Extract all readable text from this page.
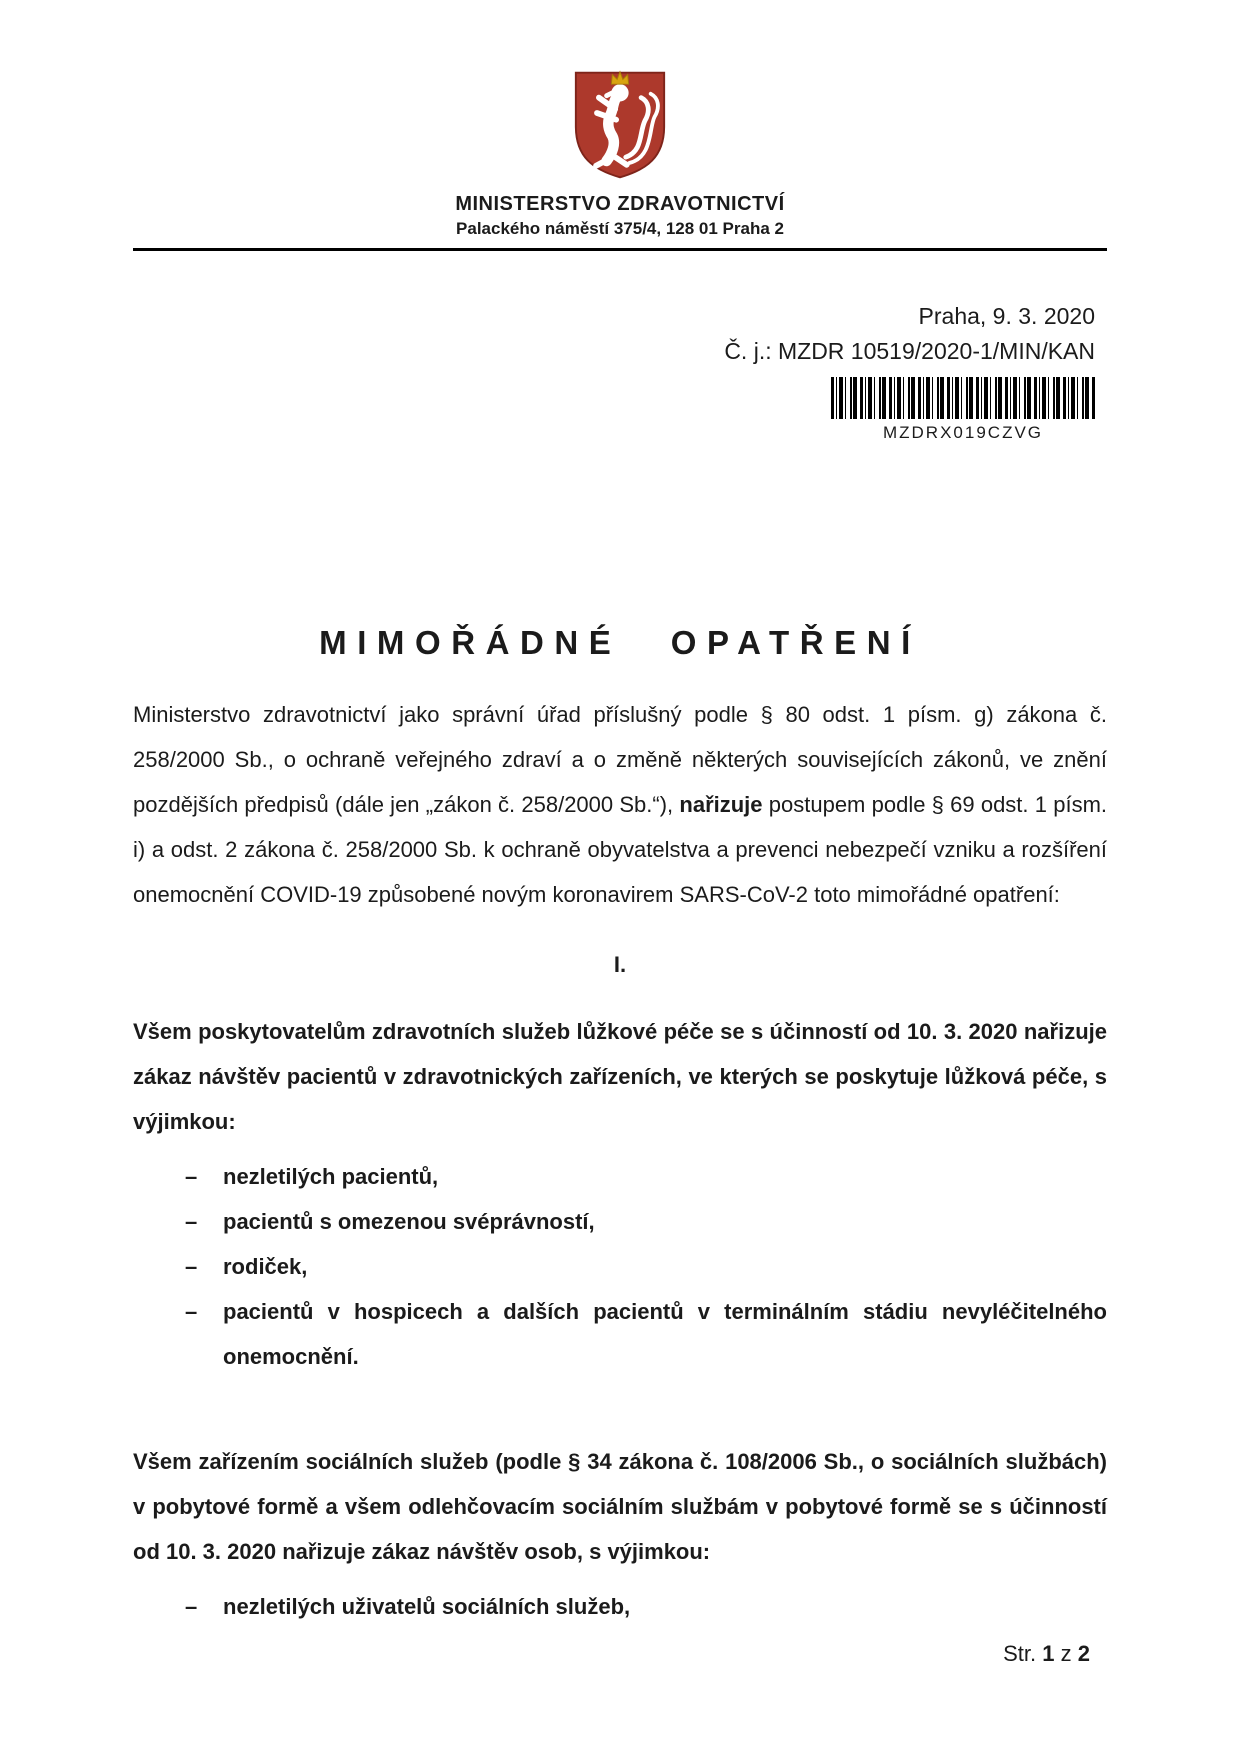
MINISTERSTVO ZDRAVOTNICTVÍ
Palackého náměstí 375/4, 128 01 Praha 2
Praha, 9. 3. 2020
Č. j.: MZDR 10519/2020-1/MIN/KAN
MZDRX019CZVG
MIMOŘÁDNÉ OPATŘENÍ

Ministerstvo zdravotnictví jako správní úřad příslušný podle § 80 odst. 1 písm. g) zákona č. 258/2000 Sb., o ochraně veřejného zdraví a o změně některých souvisejících zákonů, ve znění pozdějších předpisů (dále jen „zákon č. 258/2000 Sb.“), nařizuje postupem podle § 69 odst. 1 písm. i) a odst. 2 zákona č. 258/2000 Sb. k ochraně obyvatelstva a prevenci nebezpečí vzniku a rozšíření onemocnění COVID-19 způsobené novým koronavirem SARS-CoV-2 toto mimořádné opatření:

I.

Všem poskytovatelům zdravotních služeb lůžkové péče se s účinností od 10. 3. 2020 nařizuje zákaz návštěv pacientů v zdravotnických zařízeních, ve kterých se poskytuje lůžková péče, s výjimkou:

–	nezletilých pacientů,
–	pacientů s omezenou svéprávností,
–	rodiček,
–	pacientů v hospicech a dalších pacientů v terminálním stádiu nevyléčitelného onemocnění.

Všem zařízením sociálních služeb (podle § 34 zákona č. 108/2006 Sb., o sociálních službách) v pobytové formě a všem odlehčovacím sociálním službám v pobytové formě se s účinností od 10. 3. 2020 nařizuje zákaz návštěv osob, s výjimkou:

–	nezletilých uživatelů sociálních služeb,
Str. 1 z 2
